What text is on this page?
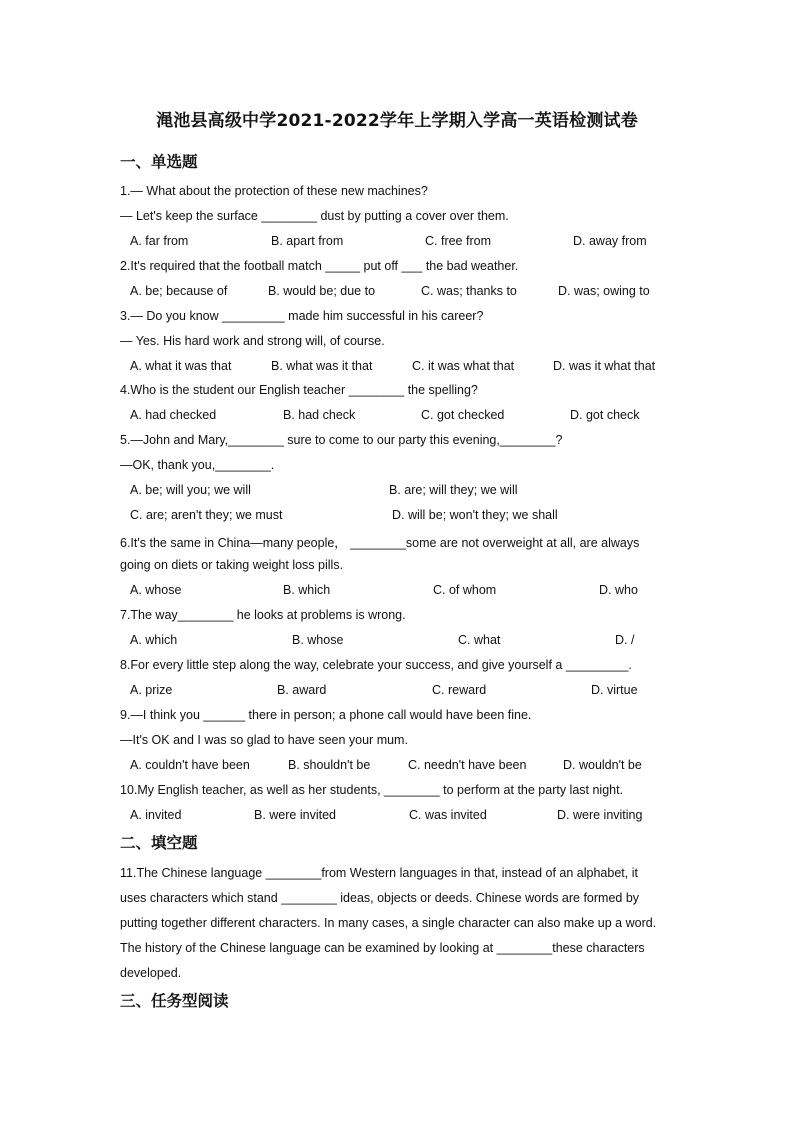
渑池县高级中学2021-2022学年上学期入学高一英语检测试卷
一、单选题
1.— What about the protection of these new machines?
— Let's keep the surface ________ dust by putting a cover over them.
A. far from	B. apart from	C. free from	D. away from
2.It's required that the football match _____ put off ___ the bad weather.
A. be; because of	B. would be; due to	C. was; thanks to	D. was; owing to
3.— Do you know _________ made him successful in his career?
— Yes. His hard work and strong will, of course.
A. what it was that	B. what was it that	C. it was what that	D. was it what that
4.Who is the student our English teacher ________ the spelling?
A. had checked	B. had check	C. got checked	D. got check
5.—John and Mary,________ sure to come to our party this evening,________?
—OK, thank you,________.
A. be; will you; we will	B. are; will they; we will
C. are; aren't they; we must	D. will be; won't they; we shall
6.It's the same in China—many people， ________some are not overweight at all, are always
going on diets or taking weight loss pills.
A. whose	B. which	C. of whom	D. who
7.The way________ he looks at problems is wrong.
A. which	B. whose	C. what	D. /
8.For every little step along the way, celebrate your success, and give yourself a _________.
A. prize	B. award	C. reward	D. virtue
9.—I think you ______ there in person; a phone call would have been fine.
—It's OK and I was so glad to have seen your mum.
A. couldn't have been	B. shouldn't be	C. needn't have been	D. wouldn't be
10.My English teacher, as well as her students, ________ to perform at the party last night.
A. invited	B. were invited	C. was invited	D. were inviting
二、填空题
11.The Chinese language ________from Western languages in that, instead of an alphabet, it
uses characters which stand ________ ideas, objects or deeds. Chinese words are formed by
putting together different characters. In many cases, a single character can also make up a word.
The history of the Chinese language can be examined by looking at ________these characters
developed.
三、任务型阅读
